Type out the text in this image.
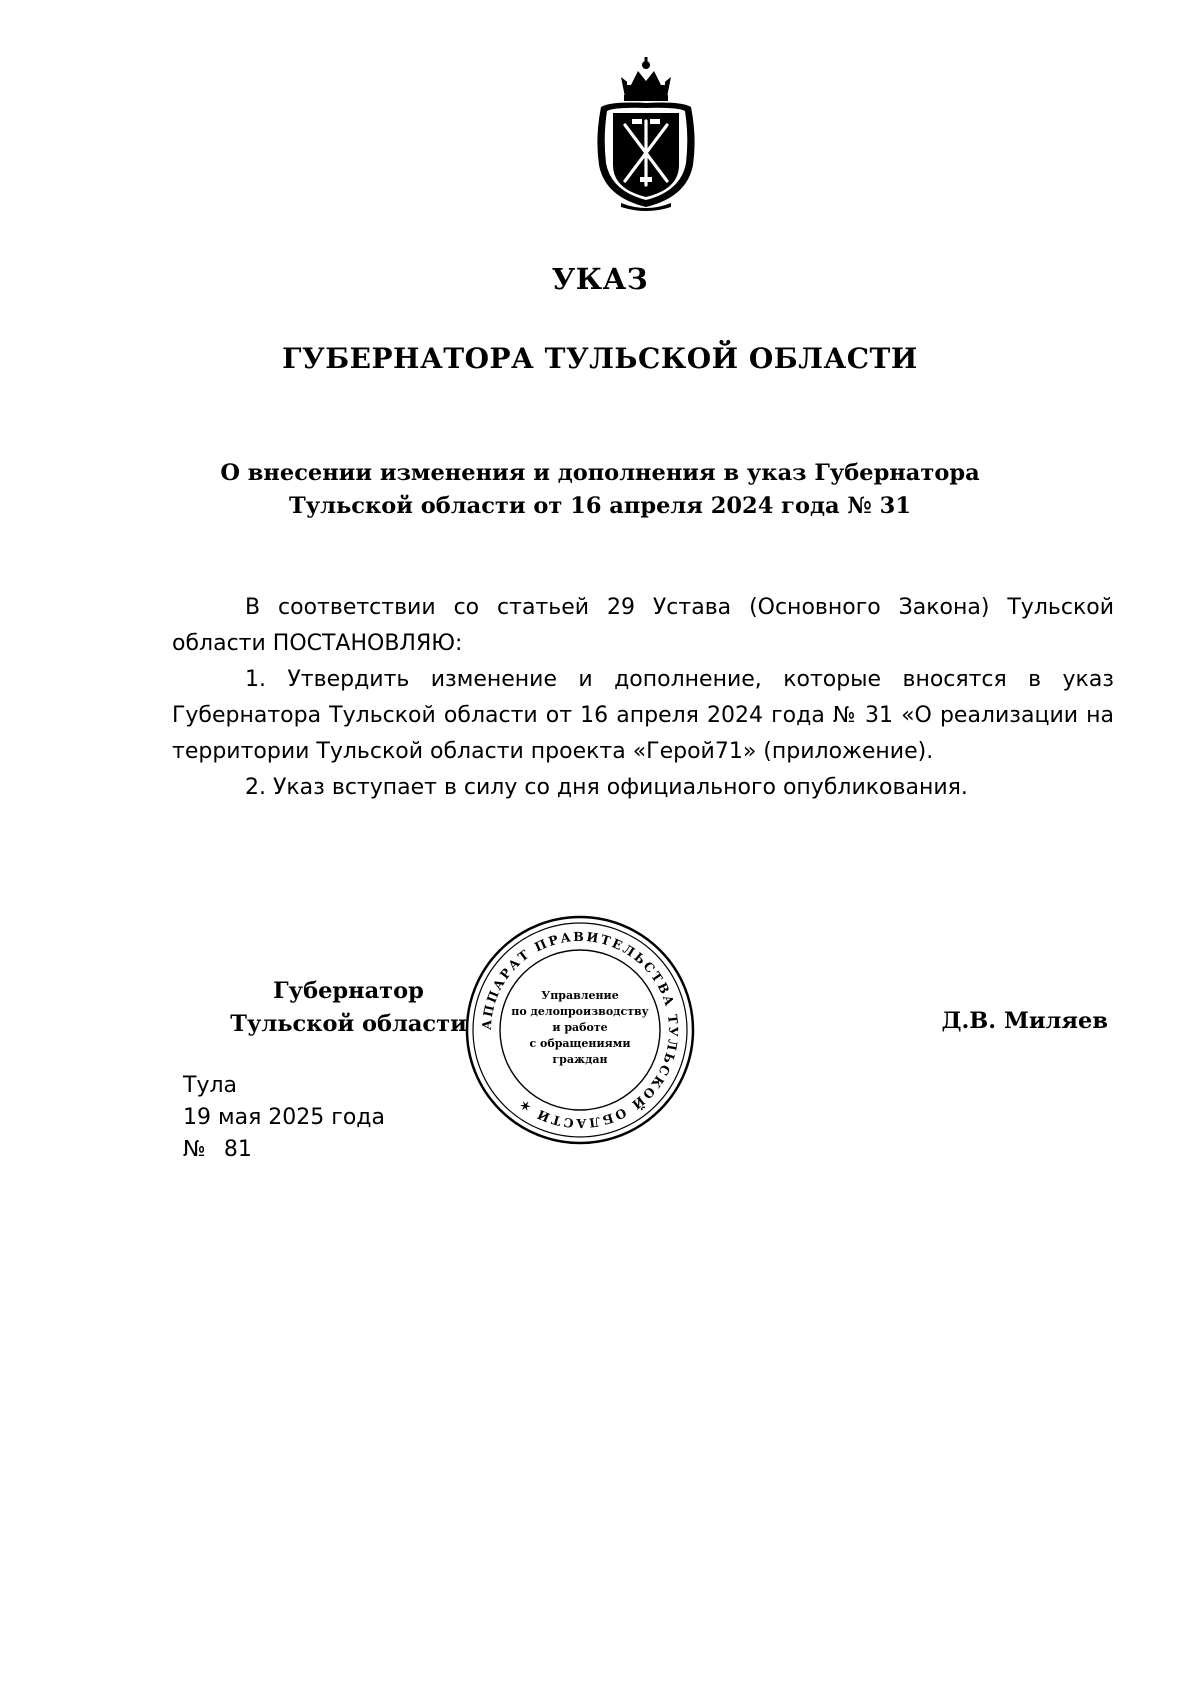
УКАЗ
ГУБЕРНАТОРА ТУЛЬСКОЙ ОБЛАСТИ
О внесении изменения и дополнения в указ Губернатора
Тульской области от 16 апреля 2024 года № 31

В соответствии со статьей 29 Устава (Основного Закона) Тульской области ПОСТАНОВЛЯЮ:

1. Утвердить изменение и дополнение, которые вносятся в указ Губернатора Тульской области от 16 апреля 2024 года № 31 «О реализации на территории Тульской области проекта «Герой71» (приложение).

2. Указ вступает в силу со дня официального опубликования.

Губернатор
Тульской области	Д.В. Миляев
АППАРАТ ПРАВИТЕЛЬСТВА ТУЛЬСКОЙ ОБЛАСТИ ✶
Управление
по делопроизводству
и работе
с обращениями
граждан
Тула
19 мая 2025 года
№ 81
